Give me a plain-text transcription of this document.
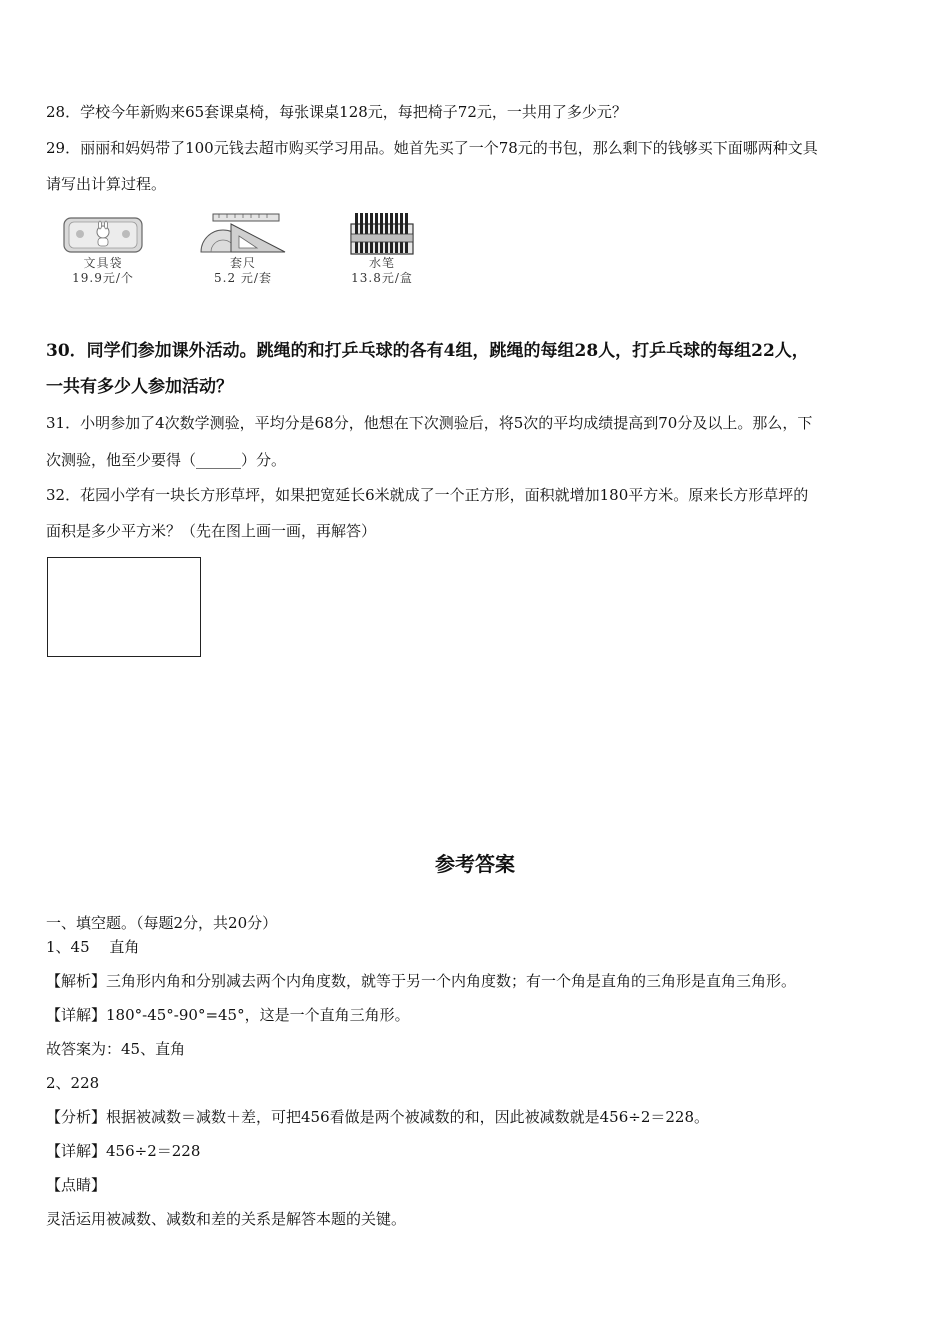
28．学校今年新购来65套课桌椅，每张课桌128元，每把椅子72元，一共用了多少元？
29．丽丽和妈妈带了100元钱去超市购买学习用品。她首先买了一个78元的书包，那么剩下的钱够买下面哪两种文具
请写出计算过程。
文具袋
19.9元/个
套尺
5.2 元/套
水笔
13.8元/盒
30．同学们参加课外活动。跳绳的和打乒乓球的各有4组，跳绳的每组28人，打乒乓球的每组22人，
一共有多少人参加活动？
31．小明参加了4次数学测验，平均分是68分，他想在下次测验后，将5次的平均成绩提高到70分及以上。那么，下
次测验，他至少要得（______）分。
32．花园小学有一块长方形草坪，如果把宽延长6米就成了一个正方形，面积就增加180平方米。原来长方形草坪的
面积是多少平方米？（先在图上画一画，再解答）
参考答案
一、填空题。（每题2分，共20分）
1、45　 直角
【解析】三角形内角和分别减去两个内角度数，就等于另一个内角度数；有一个角是直角的三角形是直角三角形。
【详解】180°-45°-90°=45°，这是一个直角三角形。
故答案为：45、直角
2、228
【分析】根据被减数＝减数＋差，可把456看做是两个被减数的和，因此被减数就是456÷2＝228。
【详解】456÷2＝228
【点睛】
灵活运用被减数、减数和差的关系是解答本题的关键。
